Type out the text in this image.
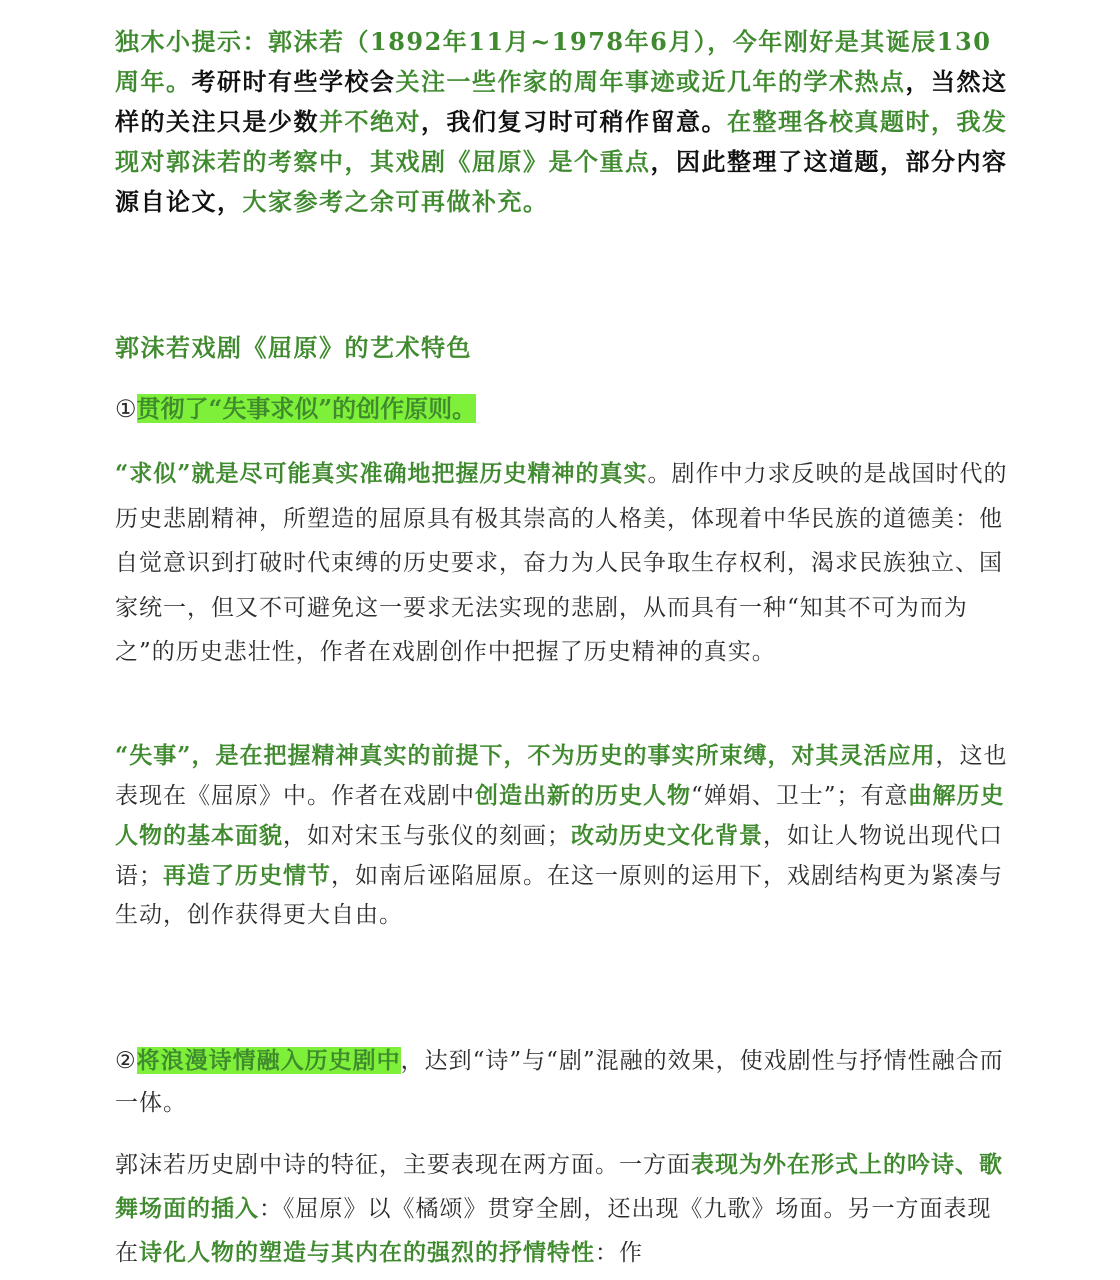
独木小提示：郭沫若（1892年11月~1978年6月），今年刚好是其诞辰130周年。考研时有些学校会关注一些作家的周年事迹或近几年的学术热点，当然这样的关注只是少数并不绝对，我们复习时可稍作留意。在整理各校真题时，我发现对郭沫若的考察中，其戏剧《屈原》是个重点，因此整理了这道题，部分内容源自论文，大家参考之余可再做补充。

郭沫若戏剧《屈原》的艺术特色

①贯彻了“失事求似”的创作原则。

“求似”就是尽可能真实准确地把握历史精神的真实。剧作中力求反映的是战国时代的历史悲剧精神，所塑造的屈原具有极其崇高的人格美，体现着中华民族的道德美：他自觉意识到打破时代束缚的历史要求，奋力为人民争取生存权利，渴求民族独立、国家统一，但又不可避免这一要求无法实现的悲剧，从而具有一种“知其不可为而为之”的历史悲壮性，作者在戏剧创作中把握了历史精神的真实。

“失事”，是在把握精神真实的前提下，不为历史的事实所束缚，对其灵活应用，这也表现在《屈原》中。作者在戏剧中创造出新的历史人物“婵娟、卫士”；有意曲解历史人物的基本面貌，如对宋玉与张仪的刻画；改动历史文化背景，如让人物说出现代口语；再造了历史情节，如南后诬陷屈原。在这一原则的运用下，戏剧结构更为紧凑与生动，创作获得更大自由。

②将浪漫诗情融入历史剧中，达到“诗”与“剧”混融的效果，使戏剧性与抒情性融合而一体。

郭沫若历史剧中诗的特征，主要表现在两方面。一方面表现为外在形式上的吟诗、歌舞场面的插入：《屈原》以《橘颂》贯穿全剧，还出现《九歌》场面。另一方面表现在诗化人物的塑造与其内在的强烈的抒情特性：作
